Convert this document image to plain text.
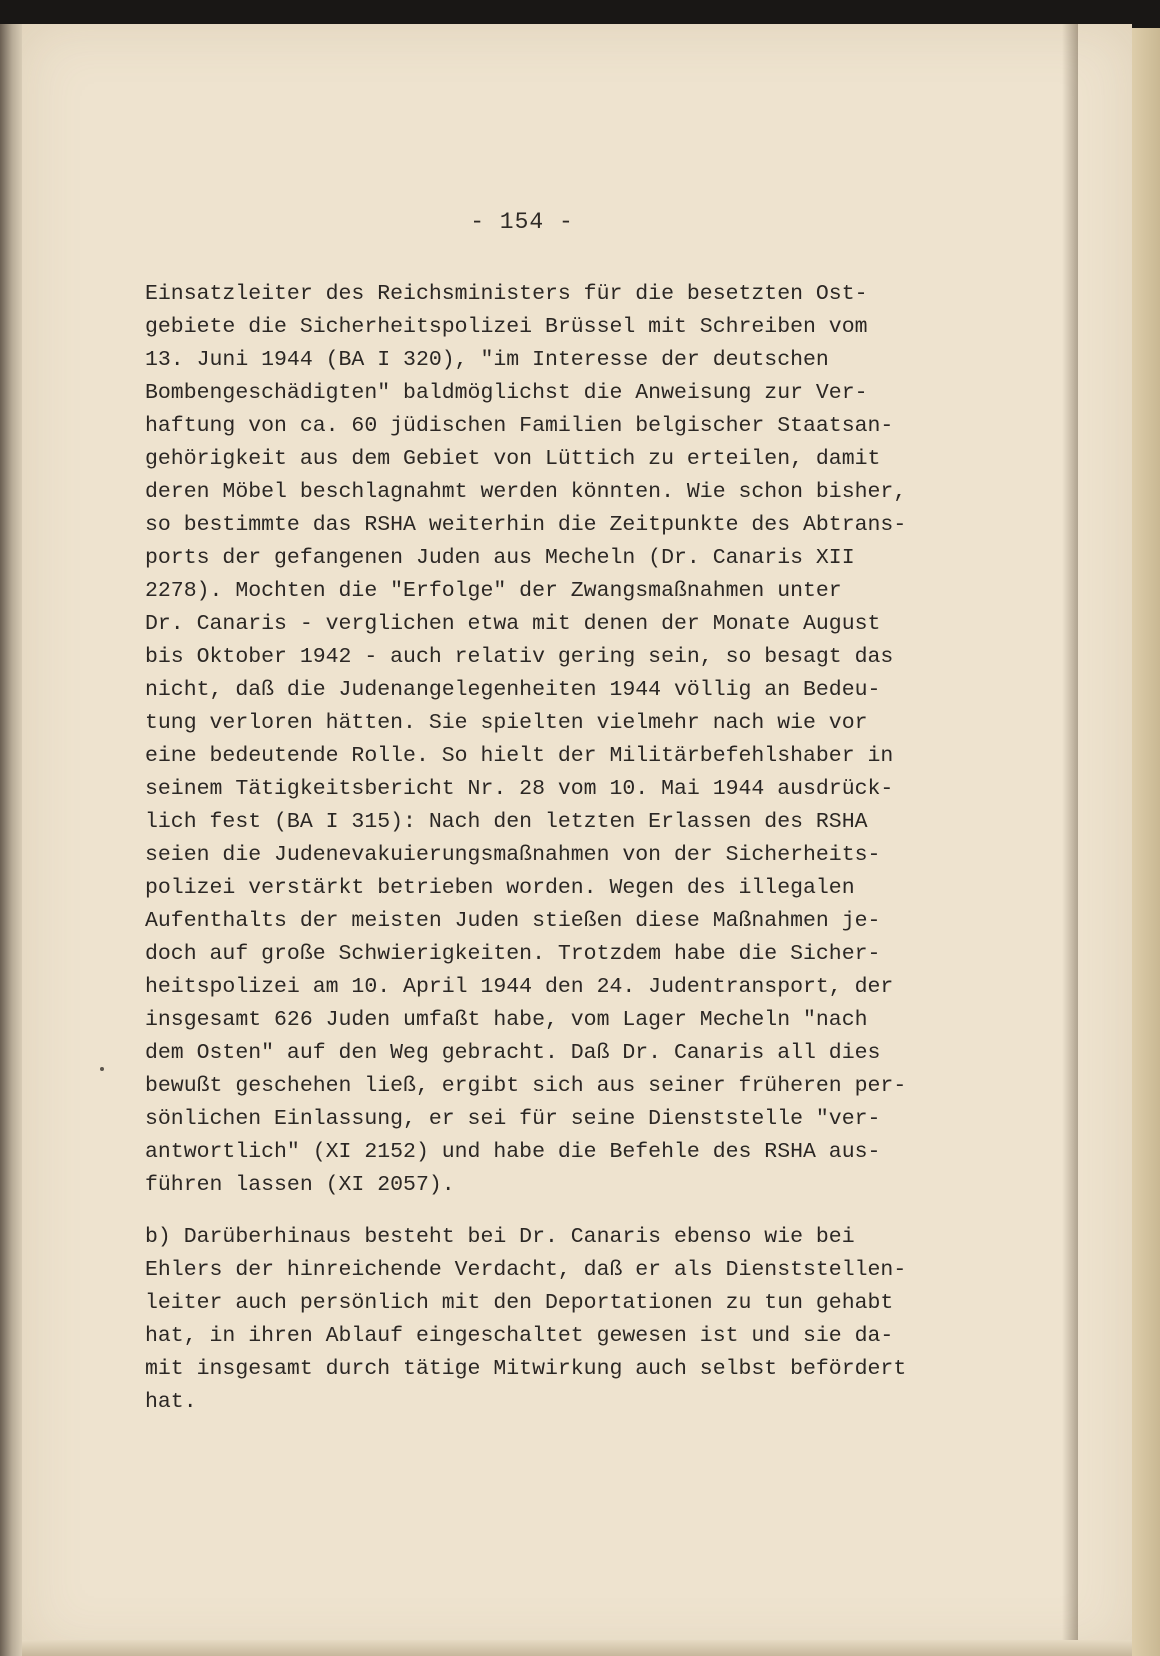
- 154 -
Einsatzleiter des Reichsministers für die besetzten Ost-
gebiete die Sicherheitspolizei Brüssel mit Schreiben vom
13. Juni 1944 (BA I 320), "im Interesse der deutschen
Bombengeschädigten" baldmöglichst die Anweisung zur Ver-
haftung von ca. 60 jüdischen Familien belgischer Staatsan-
gehörigkeit aus dem Gebiet von Lüttich zu erteilen, damit
deren Möbel beschlagnahmt werden könnten. Wie schon bisher,
so bestimmte das RSHA weiterhin die Zeitpunkte des Abtrans-
ports der gefangenen Juden aus Mecheln (Dr. Canaris XII
2278). Mochten die "Erfolge" der Zwangsmaßnahmen unter
Dr. Canaris - verglichen etwa mit denen der Monate August
bis Oktober 1942 - auch relativ gering sein, so besagt das
nicht, daß die Judenangelegenheiten 1944 völlig an Bedeu-
tung verloren hätten. Sie spielten vielmehr nach wie vor
eine bedeutende Rolle. So hielt der Militärbefehlshaber in
seinem Tätigkeitsbericht Nr. 28 vom 10. Mai 1944 ausdrück-
lich fest (BA I 315): Nach den letzten Erlassen des RSHA
seien die Judenevakuierungsmaßnahmen von der Sicherheits-
polizei verstärkt betrieben worden. Wegen des illegalen
Aufenthalts der meisten Juden stießen diese Maßnahmen je-
doch auf große Schwierigkeiten. Trotzdem habe die Sicher-
heitspolizei am 10. April 1944 den 24. Judentransport, der
insgesamt 626 Juden umfaßt habe, vom Lager Mecheln "nach
dem Osten" auf den Weg gebracht. Daß Dr. Canaris all dies
bewußt geschehen ließ, ergibt sich aus seiner früheren per-
sönlichen Einlassung, er sei für seine Dienststelle "ver-
antwortlich" (XI 2152) und habe die Befehle des RSHA aus-
führen lassen (XI 2057).
b) Darüberhinaus besteht bei Dr. Canaris ebenso wie bei
Ehlers der hinreichende Verdacht, daß er als Dienststellen-
leiter auch persönlich mit den Deportationen zu tun gehabt
hat, in ihren Ablauf eingeschaltet gewesen ist und sie da-
mit insgesamt durch tätige Mitwirkung auch selbst befördert
hat.
